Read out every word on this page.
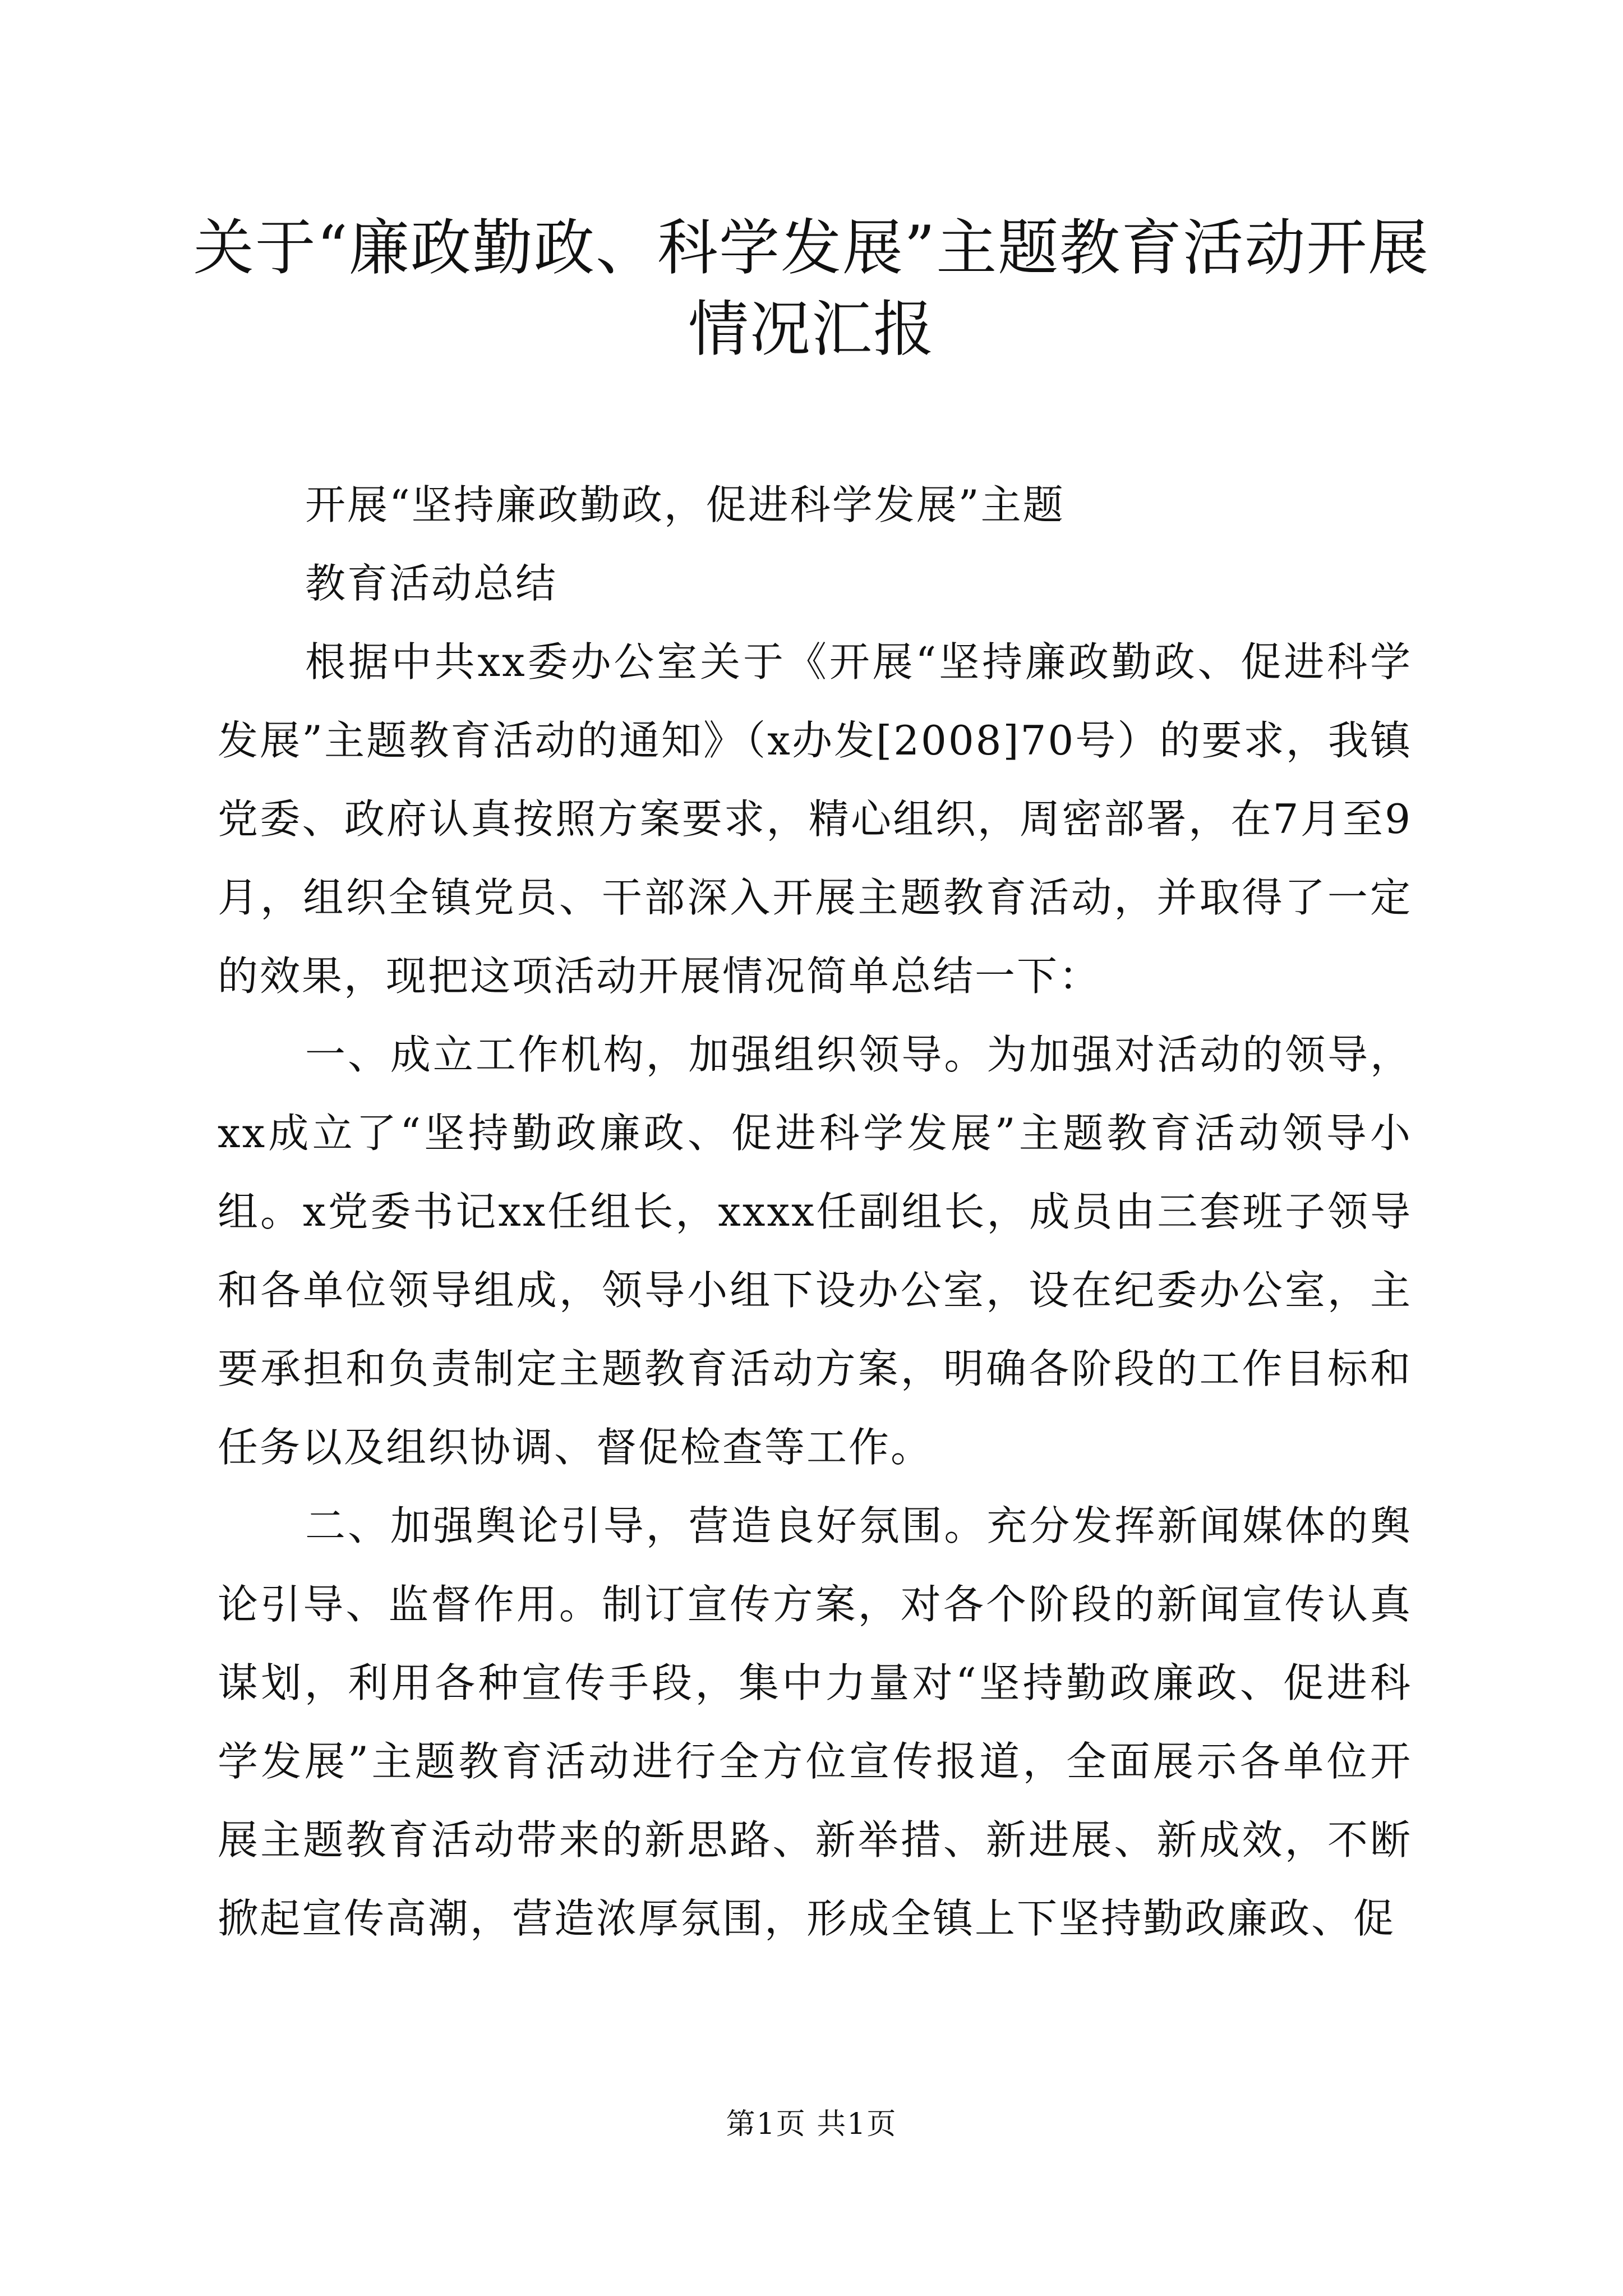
关于“廉政勤政、科学发展”主题教育活动开展情况汇报

开展“坚持廉政勤政，促进科学发展”主题

教育活动总结

根据中共xx委办公室关于《开展“坚持廉政勤政、促进科学发展”主题教育活动的通知》（x办发[2008]70号）的要求，我镇党委、政府认真按照方案要求，精心组织，周密部署，在7月至9月，组织全镇党员、干部深入开展主题教育活动，并取得了一定的效果，现把这项活动开展情况简单总结一下：

一、成立工作机构，加强组织领导。为加强对活动的领导，xx成立了“坚持勤政廉政、促进科学发展”主题教育活动领导小组。x党委书记xx任组长，xxxx任副组长，成员由三套班子领导和各单位领导组成，领导小组下设办公室，设在纪委办公室，主要承担和负责制定主题教育活动方案，明确各阶段的工作目标和任务以及组织协调、督促检查等工作。

二、加强舆论引导，营造良好氛围。充分发挥新闻媒体的舆论引导、监督作用。制订宣传方案，对各个阶段的新闻宣传认真谋划，利用各种宣传手段，集中力量对“坚持勤政廉政、促进科学发展”主题教育活动进行全方位宣传报道，全面展示各单位开展主题教育活动带来的新思路、新举措、新进展、新成效，不断掀起宣传高潮，营造浓厚氛围，形成全镇上下坚持勤政廉政、促

第1页 共1页
